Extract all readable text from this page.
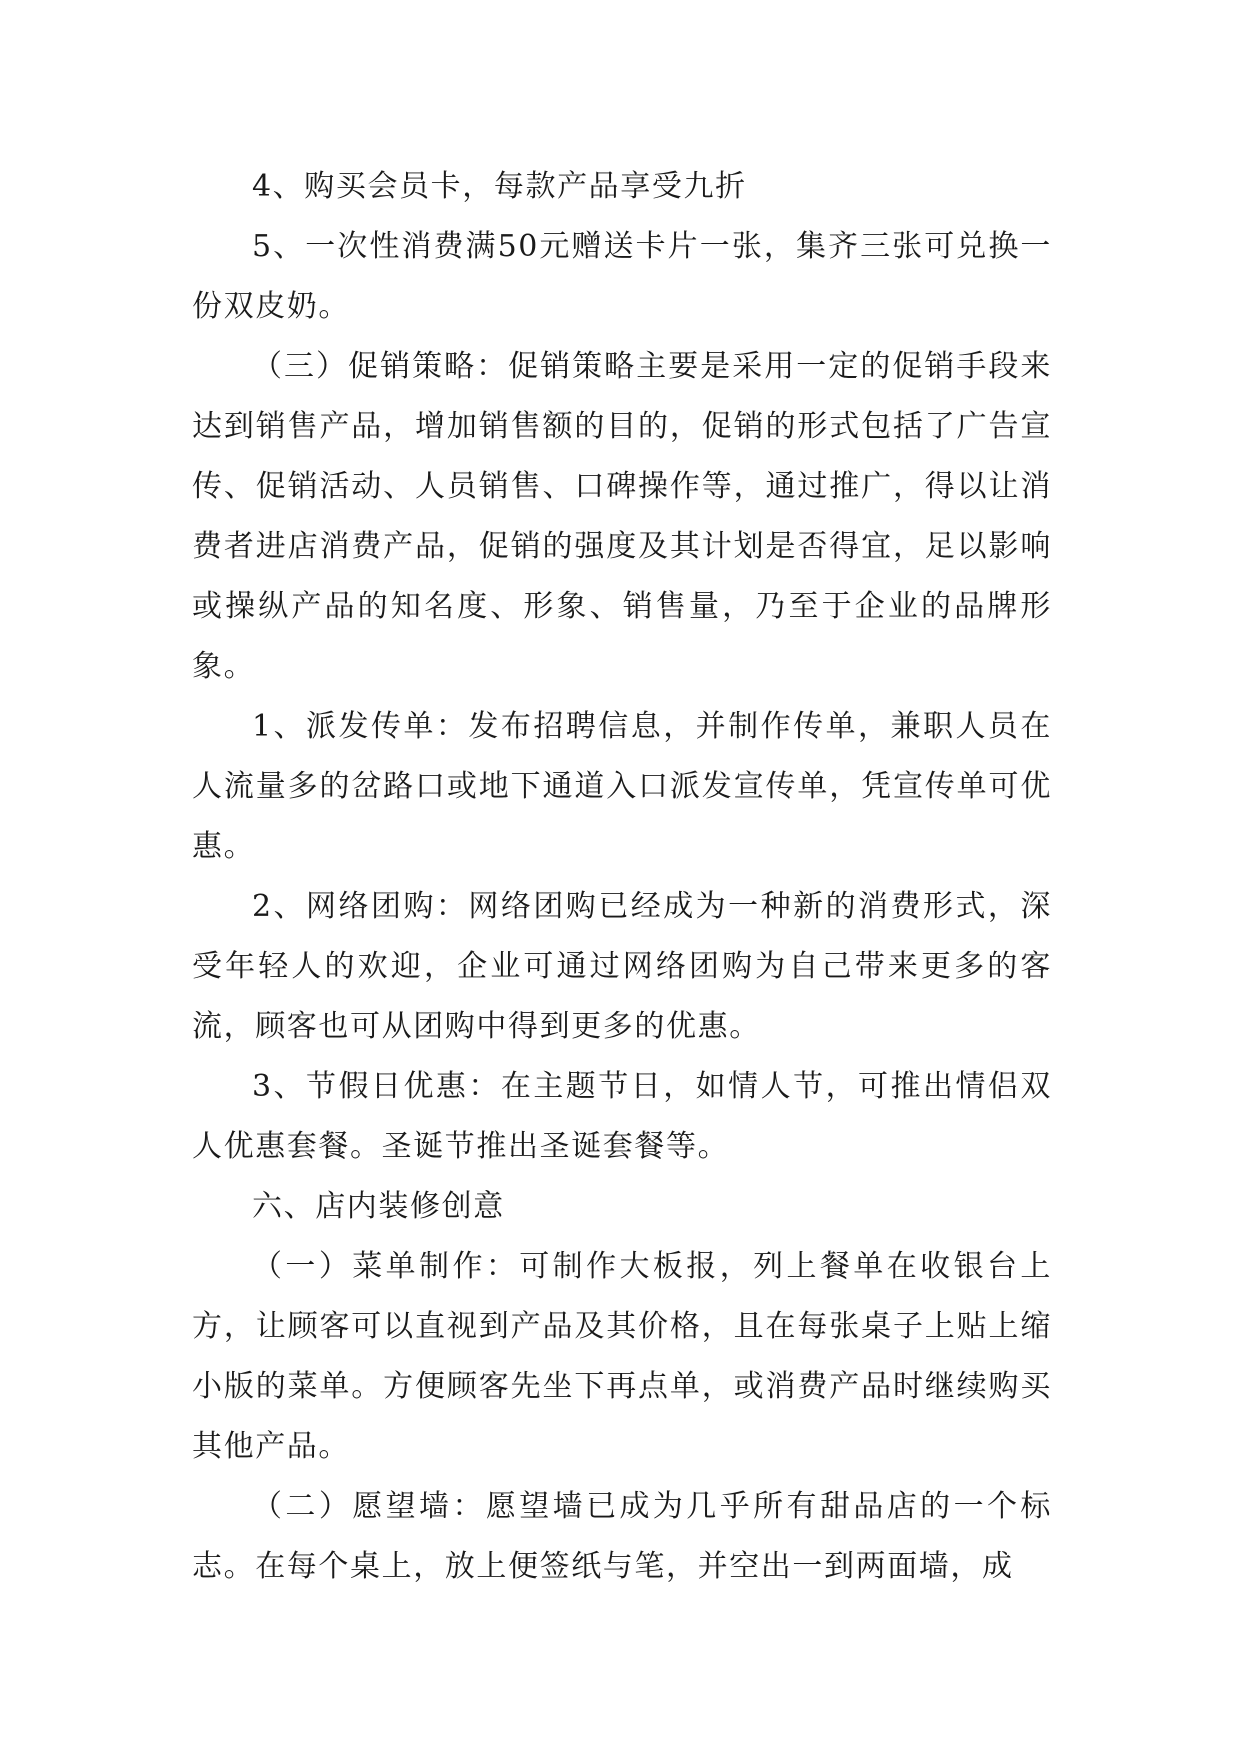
4、购买会员卡，每款产品享受九折

5、一次性消费满50元赠送卡片一张，集齐三张可兑换一份双皮奶。

（三）促销策略：促销策略主要是采用一定的促销手段来达到销售产品，增加销售额的目的，促销的形式包括了广告宣传、促销活动、人员销售、口碑操作等，通过推广，得以让消费者进店消费产品，促销的强度及其计划是否得宜，足以影响或操纵产品的知名度、形象、销售量，乃至于企业的品牌形象。

1、派发传单：发布招聘信息，并制作传单，兼职人员在人流量多的岔路口或地下通道入口派发宣传单，凭宣传单可优惠。

2、网络团购：网络团购已经成为一种新的消费形式，深受年轻人的欢迎，企业可通过网络团购为自己带来更多的客流，顾客也可从团购中得到更多的优惠。

3、节假日优惠：在主题节日，如情人节，可推出情侣双人优惠套餐。圣诞节推出圣诞套餐等。

六、店内装修创意

（一）菜单制作：可制作大板报，列上餐单在收银台上方，让顾客可以直视到产品及其价格，且在每张桌子上贴上缩小版的菜单。方便顾客先坐下再点单，或消费产品时继续购买其他产品。

（二）愿望墙：愿望墙已成为几乎所有甜品店的一个标志。在每个桌上，放上便签纸与笔，并空出一到两面墙，成
